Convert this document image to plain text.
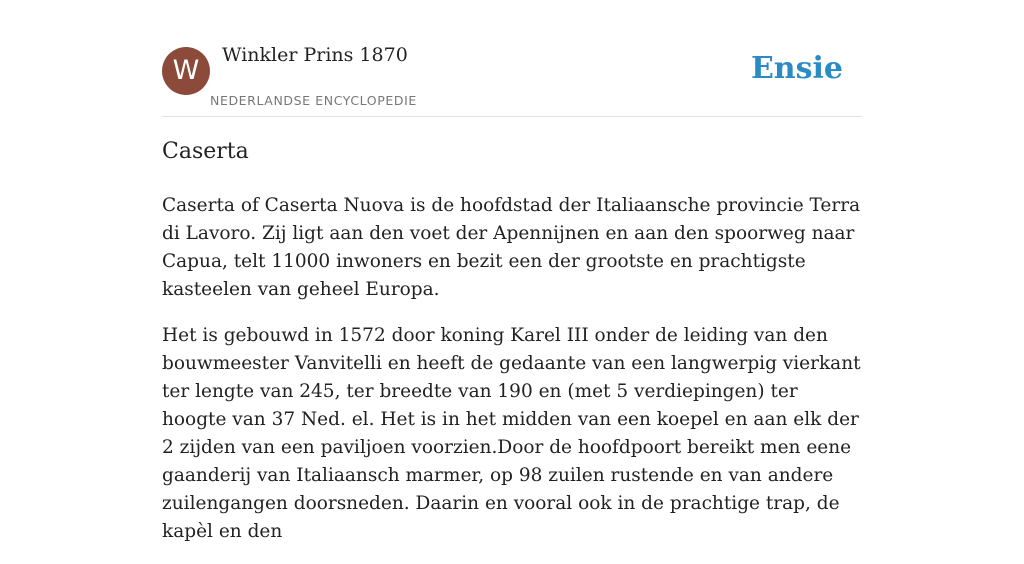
W	Winkler Prins 1870
NEDERLANDSE ENCYCLOPEDIE
Ensie
Caserta

Caserta of Caserta Nuova is de hoofdstad der Italiaansche provincie Terra di Lavoro. Zij ligt aan den voet der Apennijnen en aan den spoorweg naar Capua, telt 11000 inwoners en bezit een der grootste en prachtigste kasteelen van geheel Europa.

Het is gebouwd in 1572 door koning Karel III onder de leiding van den bouwmeester Vanvitelli en heeft de gedaante van een langwerpig vierkant ter lengte van 245, ter breedte van 190 en (met 5 verdiepingen) ter hoogte van 37 Ned. el. Het is in het midden van een koepel en aan elk der 2 zijden van een paviljoen voorzien.Door de hoofdpoort bereikt men eene gaanderij van Italiaansch marmer, op 98 zuilen rustende en van andere zuilengangen doorsneden. Daarin en vooral ook in de prachtige trap, de kapèl en den
